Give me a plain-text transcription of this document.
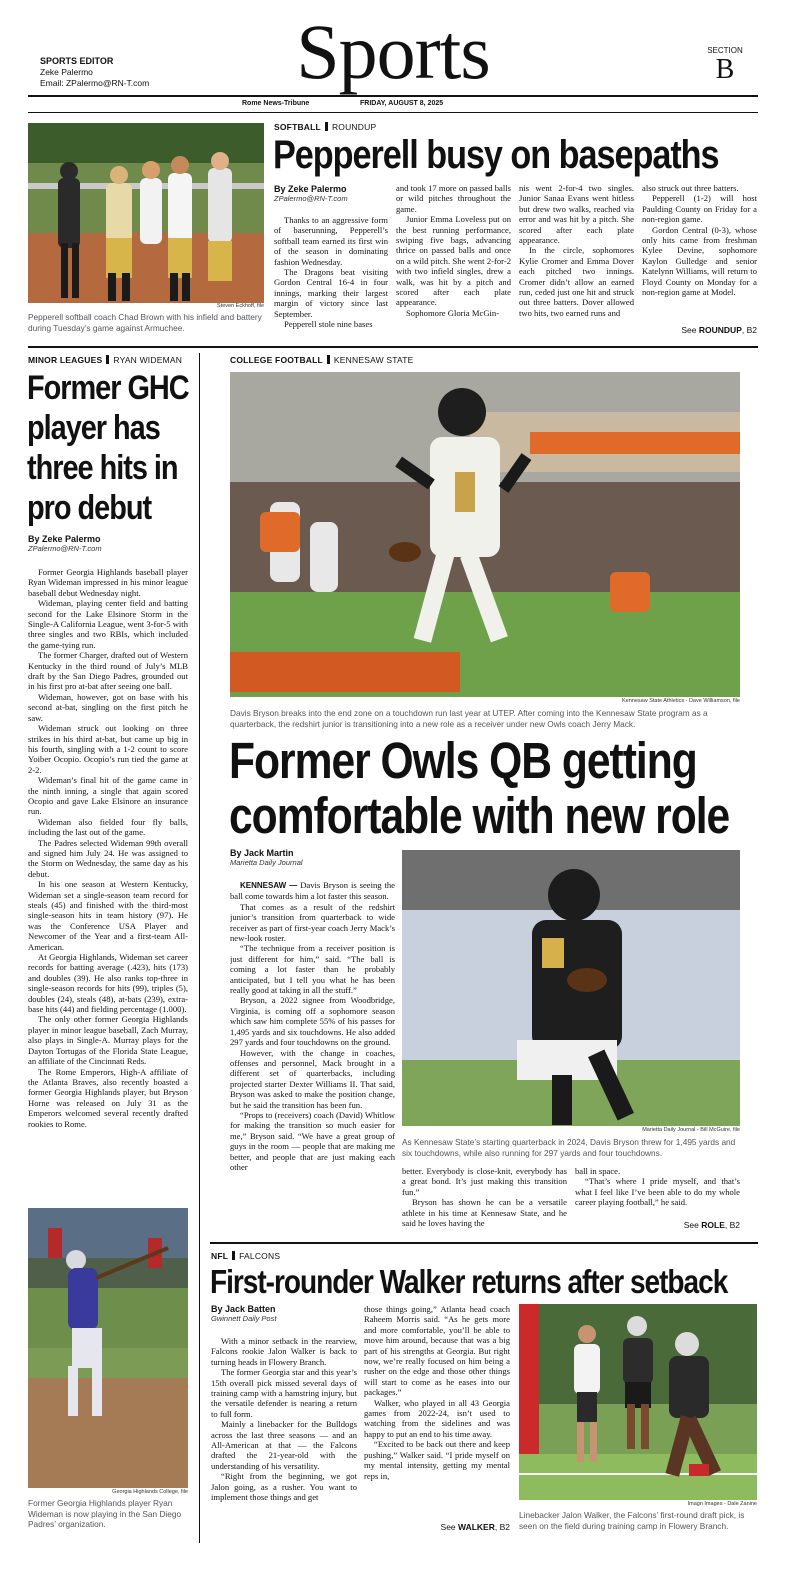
SPORTS EDITOR
Zeke Palermo
Email: ZPalermo@RN-T.com	Sports	SECTION
B
Rome News-Tribune	FRIDAY, AUGUST 8, 2025
Steven Eckhoff, file
Pepperell softball coach Chad Brown with his infield and battery during Tuesday’s game against Armuchee.
SOFTBALL ROUNDUP
Pepperell busy on basepaths
By Zeke Palermo
ZPalermo@RN-T.com

Thanks to an aggressive form of baserunning, Pepperell’s softball team earned its first win of the season in dominating fashion Wednesday.

The Dragons beat visiting Gordon Central 16-4 in four innings, marking their largest margin of victory since last September.

Pepperell stole nine bases

and took 17 more on passed balls or wild pitches throughout the game.

Junior Emma Loveless put on the best running performance, swiping five bags, advancing thrice on passed balls and once on a wild pitch. She went 2-for-2 with two infield singles, drew a walk, was hit by a pitch and scored after each plate appearance.

Sophomore Gloria McGin-

nis went 2-for-4 two singles. Junior Sanaa Evans went hitless but drew two walks, reached via error and was hit by a pitch. She scored after each plate appearance.

In the circle, sophomores Kylie Cromer and Emma Dover each pitched two innings. Cromer didn’t allow an earned run, ceded just one hit and struck out three batters. Dover allowed two hits, two earned runs and

also struck out three batters.

Pepperell (1-2) will host Paulding County on Friday for a non-region game.

Gordon Central (0-3), whose only hits came from freshman Kylee Devine, sophomore Kaylon Gulledge and senior Katelynn Williams, will return to Floyd County on Monday for a non-region game at Model.

See ROUNDUP, B2
MINOR LEAGUES RYAN WIDEMAN
Former GHC
player has
three hits in
pro debut
By Zeke Palermo
ZPalermo@RN-T.com

Former Georgia Highlands baseball player Ryan Wideman impressed in his minor league baseball debut Wednesday night.

Wideman, playing center field and batting second for the Lake Elsinore Storm in the Single-A California League, went 3-for-5 with three singles and two RBIs, which included the game-tying run.

The former Charger, drafted out of Western Kentucky in the third round of July’s MLB draft by the San Diego Padres, grounded out in his first pro at-bat after seeing one ball.

Wideman, however, got on base with his second at-bat, singling on the first pitch he saw.

Wideman struck out looking on three strikes in his third at-bat, but came up big in his fourth, singling with a 1-2 count to score Yoiber Ocopio. Ocopio’s run tied the game at 2-2.

Wideman’s final hit of the game came in the ninth inning, a single that again scored Ocopio and gave Lake Elsinore an insurance run.

Wideman also fielded four fly balls, including the last out of the game.

The Padres selected Wideman 99th overall and signed him July 24. He was assigned to the Storm on Wednesday, the same day as his debut.

In his one season at Western Kentucky, Wideman set a single-season team record for steals (45) and finished with the third-most single-season hits in team history (97). He was the Conference USA Player and Newcomer of the Year and a first-team All-American.

At Georgia Highlands, Wideman set career records for batting average (.423), hits (173) and doubles (39). He also ranks top-three in single-season records for hits (99), triples (5), doubles (24), steals (48), at-bats (239), extra-base hits (44) and fielding percentage (1.000).

The only other former Georgia Highlands player in minor league baseball, Zach Murray, also plays in Single-A. Murray plays for the Dayton Tortugas of the Florida State League, an affiliate of the Cincinnati Reds.

The Rome Emperors, High-A affiliate of the Atlanta Braves, also recently boasted a former Georgia Highlands player, but Bryson Horne was released on July 31 as the Emperors welcomed several recently drafted rookies to Rome.

Georgia Highlands College, file
Former Georgia Highlands player Ryan Wideman is now playing in the San Diego Padres’ organization.
COLLEGE FOOTBALL KENNESAW STATE
Kennesaw State Athletics - Dave Williamson, file
Davis Bryson breaks into the end zone on a touchdown run last year at UTEP. After coming into the Kennesaw State program as a quarterback, the redshirt junior is transitioning into a new role as a receiver under new Owls coach Jerry Mack.
Former Owls QB getting
comfortable with new role
By Jack Martin
Marietta Daily Journal

KENNESAW — Davis Bryson is seeing the ball come towards him a lot faster this season.

That comes as a result of the redshirt junior’s transition from quarterback to wide receiver as part of first-year coach Jerry Mack’s new-look roster.

“The technique from a receiver position is just different for him,” said. “The ball is coming a lot faster than he probably anticipated, but I tell you what he has been really good at taking in all the stuff.”

Bryson, a 2022 signee from Woodbridge, Virginia, is coming off a sophomore season which saw him complete 55% of his passes for 1,495 yards and six touchdowns. He also added 297 yards and four touchdowns on the ground.

However, with the change in coaches, offenses and personnel, Mack brought in a different set of quarterbacks, including projected starter Dexter Williams II. That said, Bryson was asked to make the position change, but he said the transition has been fun.

“Props to (receivers) coach (David) Whitlow for making the transition so much easier for me,” Bryson said. “We have a great group of guys in the room — people that are making me better, and people that are just making each other

Marietta Daily Journal - Bill McGuire, file
As Kennesaw State’s starting quarterback in 2024, Davis Bryson threw for 1,495 yards and six touchdowns, while also running for 297 yards and four touchdowns.

better. Everybody is close-knit, everybody has a great bond. It’s just making this transition fun.”

Bryson has shown he can be a versatile athlete in his time at Kennesaw State, and he said he loves having the

ball in space.

“That’s where I pride myself, and that’s what I feel like I’ve been able to do my whole career playing football,” he said.

See ROLE, B2
NFL FALCONS
First-rounder Walker returns after setback
By Jack Batten
Gwinnett Daily Post

With a minor setback in the rearview, Falcons rookie Jalon Walker is back to turning heads in Flowery Branch.

The former Georgia star and this year’s 15th overall pick missed several days of training camp with a hamstring injury, but the versatile defender is nearing a return to full form.

Mainly a linebacker for the Bulldogs across the last three seasons — and an All-American at that — the Falcons drafted the 21-year-old with the understanding of his versatility.

“Right from the beginning, we got Jalon going, as a rusher. You want to implement those things and get

those things going,” Atlanta head coach Raheem Morris said. “As he gets more and more comfortable, you’ll be able to move him around, because that was a big part of his strengths at Georgia. But right now, we’re really focused on him being a rusher on the edge and those other things will start to come as he eases into our packages.”

Walker, who played in all 43 Georgia games from 2022-24, isn’t used to watching from the sidelines and was happy to put an end to his time away.

“Excited to be back out there and keep pushing,” Walker said. “I pride myself on my mental intensity, getting my mental reps in,

See WALKER, B2
Imagn Images - Dale Zanine
Linebacker Jalon Walker, the Falcons’ first-round draft pick, is seen on the field during training camp in Flowery Branch.
